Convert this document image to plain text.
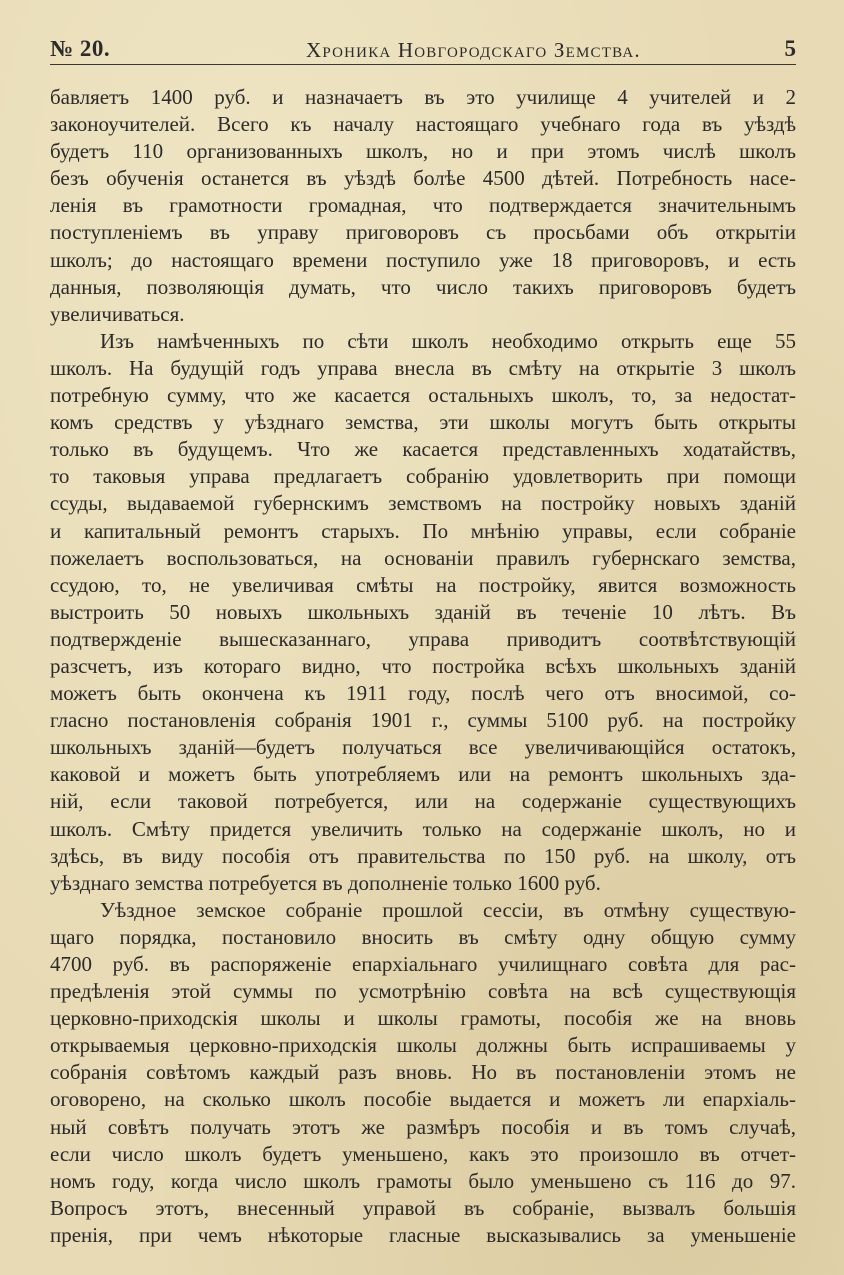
№ 20.	Хроника Новгородскаго Земства.	5
бавляетъ 1400 руб. и назначаетъ въ это училище 4 учителей и 2
законоучителей. Всего къ началу настоящаго учебнаго года въ уѣздѣ
будетъ 110 организованныхъ школъ, но и при этомъ числѣ школъ
безъ обученія останется въ уѣздѣ болѣе 4500 дѣтей. Потребность насе-
ленія въ грамотности громадная, что подтверждается значительнымъ
поступленіемъ въ управу приговоровъ съ просьбами объ открытіи
школъ; до настоящаго времени поступило уже 18 приговоровъ, и есть
данныя, позволяющія думать, что число такихъ приговоровъ будетъ
увеличиваться.
Изъ намѣченныхъ по сѣти школъ необходимо открыть еще 55
школъ. На будущій годъ управа внесла въ смѣту на открытіе 3 школъ
потребную сумму, что же касается остальныхъ школъ, то, за недостат-
комъ средствъ у уѣзднаго земства, эти школы могутъ быть открыты
только въ будущемъ. Что же касается представленныхъ ходатайствъ,
то таковыя управа предлагаетъ собранію удовлетворить при помощи
ссуды, выдаваемой губернскимъ земствомъ на постройку новыхъ зданій
и капитальный ремонтъ старыхъ. По мнѣнію управы, если собраніе
пожелаетъ воспользоваться, на основаніи правилъ губернскаго земства,
ссудою, то, не увеличивая смѣты на постройку, явится возможность
выстроить 50 новыхъ школьныхъ зданій въ теченіе 10 лѣтъ. Въ
подтвержденіе вышесказаннаго, управа приводитъ соотвѣтствующій
разсчетъ, изъ котораго видно, что постройка всѣхъ школьныхъ зданій
можетъ быть окончена къ 1911 году, послѣ чего отъ вносимой, со-
гласно постановленія собранія 1901 г., суммы 5100 руб. на постройку
школьныхъ зданій—будетъ получаться все увеличивающійся остатокъ,
каковой и можетъ быть употребляемъ или на ремонтъ школьныхъ зда-
ній, если таковой потребуется, или на содержаніе существующихъ
школъ. Смѣту придется увеличить только на содержаніе школъ, но и
здѣсь, въ виду пособія отъ правительства по 150 руб. на школу, отъ
уѣзднаго земства потребуется въ дополненіе только 1600 руб.
Уѣздное земское собраніе прошлой сессіи, въ отмѣну существую-
щаго порядка, постановило вносить въ смѣту одну общую сумму
4700 руб. въ распоряженіе епархіальнаго училищнаго совѣта для рас-
предѣленія этой суммы по усмотрѣнію совѣта на всѣ существующія
церковно-приходскія школы и школы грамоты, пособія же на вновь
открываемыя церковно-приходскія школы должны быть испрашиваемы у
собранія совѣтомъ каждый разъ вновь. Но въ постановленіи этомъ не
оговорено, на сколько школъ пособіе выдается и можетъ ли епархіаль-
ный совѣтъ получать этотъ же размѣръ пособія и въ томъ случаѣ,
если число школъ будетъ уменьшено, какъ это произошло въ отчет-
номъ году, когда число школъ грамоты было уменьшено съ 116 до 97.
Вопросъ этотъ, внесенный управой въ собраніе, вызвалъ большія
пренія, при чемъ нѣкоторые гласные высказывались за уменьшеніе
